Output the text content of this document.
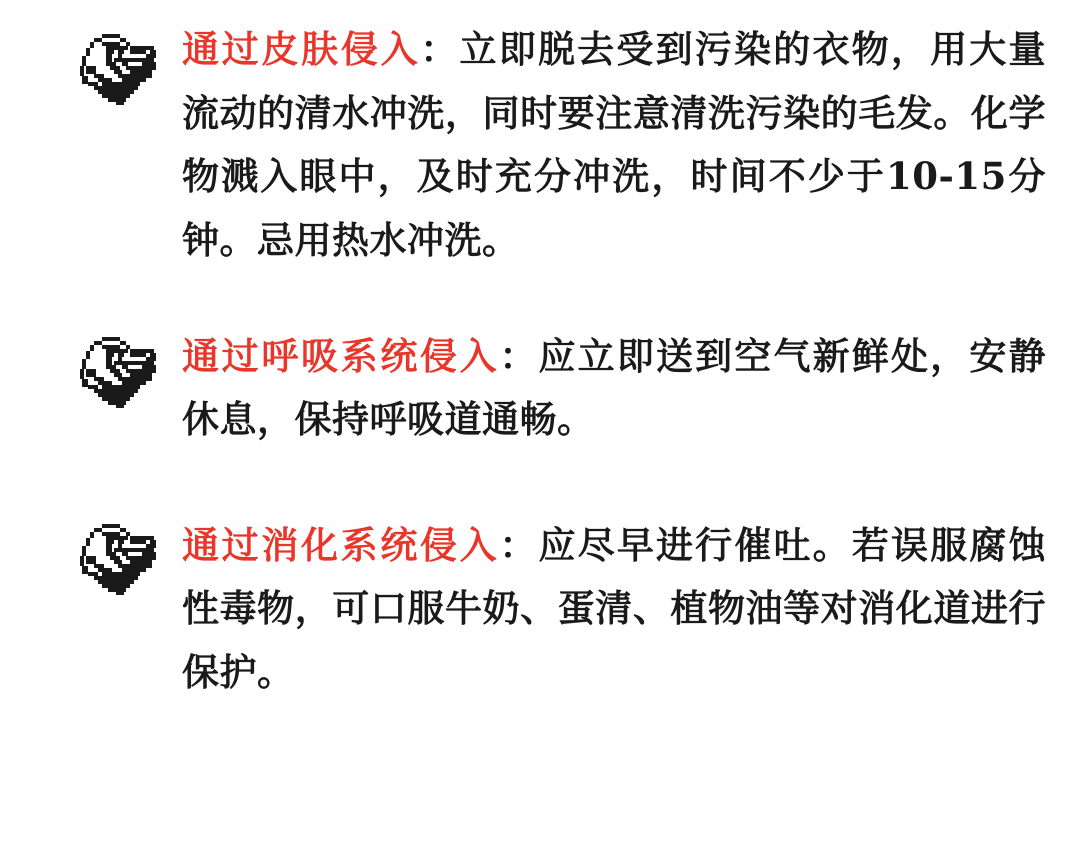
通过皮肤侵入：立即脱去受到污染的衣物，用大量流动的清水冲洗，同时要注意清洗污染的毛发。化学物溅入眼中，及时充分冲洗，时间不少于10-15分钟。忌用热水冲洗。
通过呼吸系统侵入：应立即送到空气新鲜处，安静休息，保持呼吸道通畅。
通过消化系统侵入：应尽早进行催吐。若误服腐蚀性毒物，可口服牛奶、蛋清、植物油等对消化道进行保护。
